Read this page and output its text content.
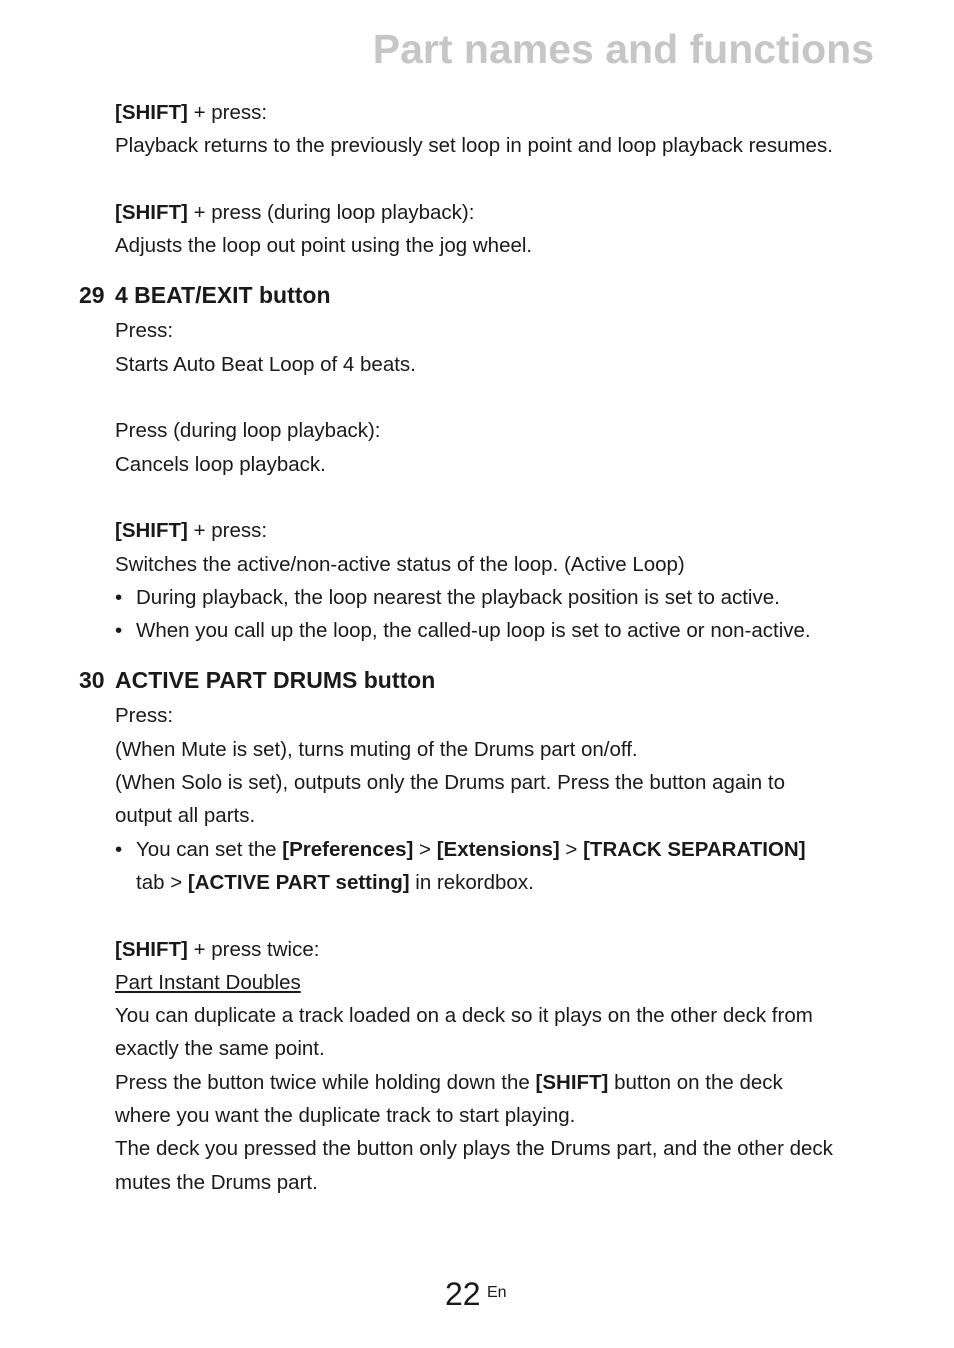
Part names and functions
[SHIFT] + press:
Playback returns to the previously set loop in point and loop playback resumes.
[SHIFT] + press (during loop playback):
Adjusts the loop out point using the jog wheel.
29 4 BEAT/EXIT button
Press:
Starts Auto Beat Loop of 4 beats.
Press (during loop playback):
Cancels loop playback.
[SHIFT] + press:
Switches the active/non-active status of the loop. (Active Loop)
• During playback, the loop nearest the playback position is set to active.
• When you call up the loop, the called-up loop is set to active or non-active.
30 ACTIVE PART DRUMS button
Press:
(When Mute is set), turns muting of the Drums part on/off.
(When Solo is set), outputs only the Drums part. Press the button again to
output all parts.
• You can set the [Preferences] > [Extensions] > [TRACK SEPARATION]
tab > [ACTIVE PART setting] in rekordbox.
[SHIFT] + press twice:
Part Instant Doubles
You can duplicate a track loaded on a deck so it plays on the other deck from
exactly the same point.
Press the button twice while holding down the [SHIFT] button on the deck
where you want the duplicate track to start playing.
The deck you pressed the button only plays the Drums part, and the other deck
mutes the Drums part.
22 En
